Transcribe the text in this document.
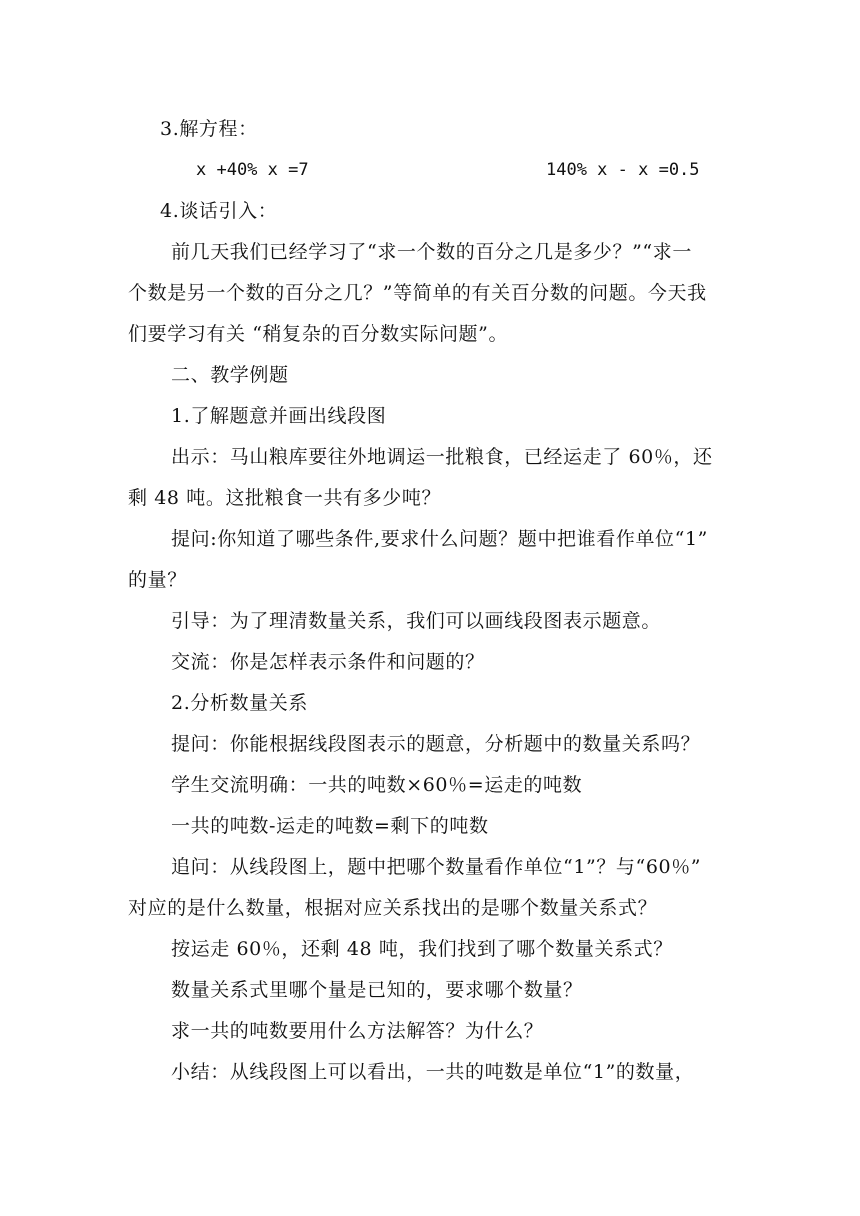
3.解方程：
x +40% x =7	140% x - x =0.5
4.谈话引入：
前几天我们已经学习了“求一个数的百分之几是多少？”“求一
个数是另一个数的百分之几？”等简单的有关百分数的问题。今天我
们要学习有关 “稍复杂的百分数实际问题”。
二、教学例题
1.了解题意并画出线段图
出示：马山粮库要往外地调运一批粮食，已经运走了 60％，还
剩 48 吨。这批粮食一共有多少吨？
提问:你知道了哪些条件,要求什么问题？题中把谁看作单位“1”
的量？
引导：为了理清数量关系，我们可以画线段图表示题意。
交流：你是怎样表示条件和问题的？
2.分析数量关系
提问：你能根据线段图表示的题意，分析题中的数量关系吗？
学生交流明确：一共的吨数×60％=运走的吨数
一共的吨数-运走的吨数=剩下的吨数
追问：从线段图上，题中把哪个数量看作单位“1”？与“60％”
对应的是什么数量，根据对应关系找出的是哪个数量关系式？
按运走 60％，还剩 48 吨，我们找到了哪个数量关系式？
数量关系式里哪个量是已知的，要求哪个数量？
求一共的吨数要用什么方法解答？为什么？
小结：从线段图上可以看出，一共的吨数是单位“1”的数量，
